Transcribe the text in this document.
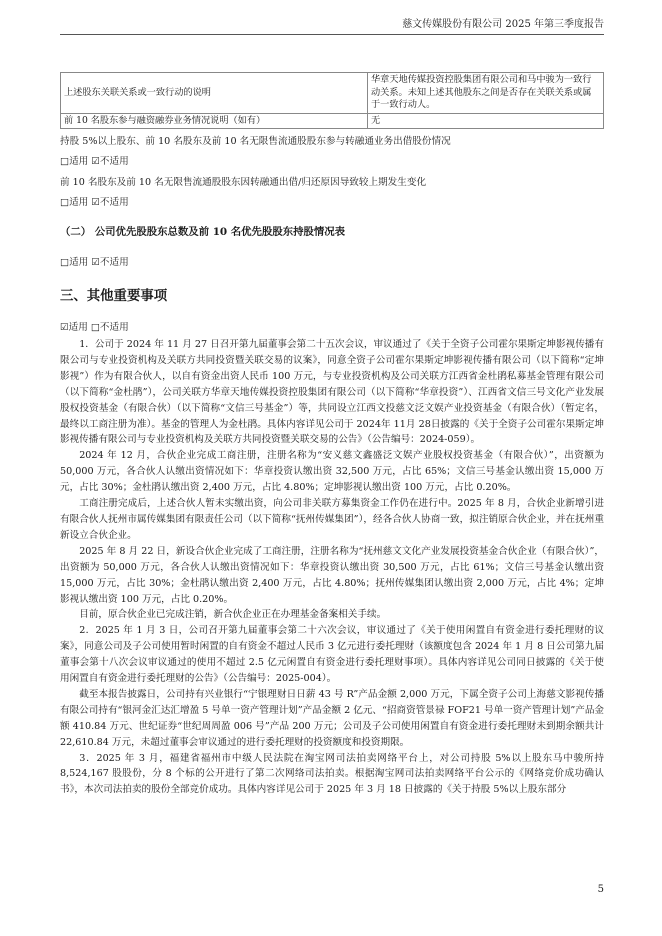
慈文传媒股份有限公司 2025 年第三季度报告
上述股东关联关系或一致行动的说明	华章天地传媒投资控股集团有限公司和马中骏为一致行动关系。未知上述其他股东之间是否存在关联关系或属于一致行动人。
前 10 名股东参与融资融券业务情况说明（如有）	无
持股 5%以上股东、前 10 名股东及前 10 名无限售流通股股东参与转融通业务出借股份情况
□适用 ☑不适用
前 10 名股东及前 10 名无限售流通股股东因转融通出借/归还原因导致较上期发生变化
□适用 ☑不适用
（二） 公司优先股股东总数及前 10 名优先股股东持股情况表
□适用 ☑不适用
三、其他重要事项
☑适用 □不适用

1．公司于 2024 年 11 月 27 日召开第九届董事会第二十五次会议，审议通过了《关于全资子公司霍尔果斯定坤影视传播有限公司与专业投资机构及关联方共同投资暨关联交易的议案》，同意全资子公司霍尔果斯定坤影视传播有限公司（以下简称“定坤影视”）作为有限合伙人，以自有资金出资人民币 100 万元，与专业投资机构及公司关联方江西省金杜鹃私募基金管理有限公司（以下简称“金杜鹃”），公司关联方华章天地传媒投资控股集团有限公司（以下简称“华章投资”）、江西省文信三号文化产业发展股权投资基金（有限合伙）（以下简称“文信三号基金”）等，共同设立江西文投慈文泛文娱产业投资基金（有限合伙）（暂定名，最终以工商注册为准）。基金的管理人为金杜鹃。具体内容详见公司于 2024年 11月 28日披露的《关于全资子公司霍尔果斯定坤影视传播有限公司与专业投资机构及关联方共同投资暨关联交易的公告》（公告编号：2024-059）。

2024 年 12 月，合伙企业完成工商注册，注册名称为“安义慈文鑫盛泛文娱产业股权投资基金（有限合伙）”，出资额为 50,000 万元，各合伙人认缴出资情况如下：华章投资认缴出资 32,500 万元，占比 65%；文信三号基金认缴出资 15,000 万元，占比 30%；金杜鹃认缴出资 2,400 万元，占比 4.80%；定坤影视认缴出资 100 万元，占比 0.20%。

工商注册完成后，上述合伙人暂未实缴出资，向公司非关联方募集资金工作仍在进行中。2025 年 8 月，合伙企业新增引进有限合伙人抚州市属传媒集团有限责任公司（以下简称“抚州传媒集团”），经各合伙人协商一致，拟注销原合伙企业，并在抚州重新设立合伙企业。

2025 年 8 月 22 日，新设合伙企业完成了工商注册，注册名称为“抚州慈文文化产业发展投资基金合伙企业（有限合伙）”，出资额为 50,000 万元，各合伙人认缴出资情况如下：华章投资认缴出资 30,500 万元，占比 61%；文信三号基金认缴出资 15,000 万元，占比 30%；金杜鹃认缴出资 2,400 万元，占比 4.80%；抚州传媒集团认缴出资 2,000 万元，占比 4%；定坤影视认缴出资 100 万元，占比 0.20%。

目前，原合伙企业已完成注销，新合伙企业正在办理基金备案相关手续。

2．2025 年 1 月 3 日，公司召开第九届董事会第二十六次会议，审议通过了《关于使用闲置自有资金进行委托理财的议案》，同意公司及子公司使用暂时闲置的自有资金不超过人民币 3 亿元进行委托理财（该额度包含 2024 年 1 月 8 日公司第九届董事会第十八次会议审议通过的使用不超过 2.5 亿元闲置自有资金进行委托理财事项）。具体内容详见公司同日披露的《关于使用闲置自有资金进行委托理财的公告》（公告编号：2025-004）。

截至本报告披露日，公司持有兴业银行“宁银理财日日薪 43 号 R”产品金额 2,000 万元，下属全资子公司上海慈文影视传播有限公司持有“银河金汇达汇增盈 5 号单一资产管理计划”产品金额 2 亿元、“招商资管景禄 FOF21 号单一资产管理计划”产品金额 410.84 万元、世纪证券“世纪周周盈 006 号”产品 200 万元；公司及子公司使用闲置自有资金进行委托理财未到期余额共计 22,610.84 万元，未超过董事会审议通过的进行委托理财的投资额度和投资期限。

3．2025 年 3 月，福建省福州市中级人民法院在淘宝网司法拍卖网络平台上，对公司持股 5%以上股东马中骏所持 8,524,167 股股份，分 8 个标的公开进行了第二次网络司法拍卖。根据淘宝网司法拍卖网络平台公示的《网络竞价成功确认书》，本次司法拍卖的股份全部竞价成功。具体内容详见公司于 2025 年 3 月 18 日披露的《关于持股 5%以上股东部分

5
